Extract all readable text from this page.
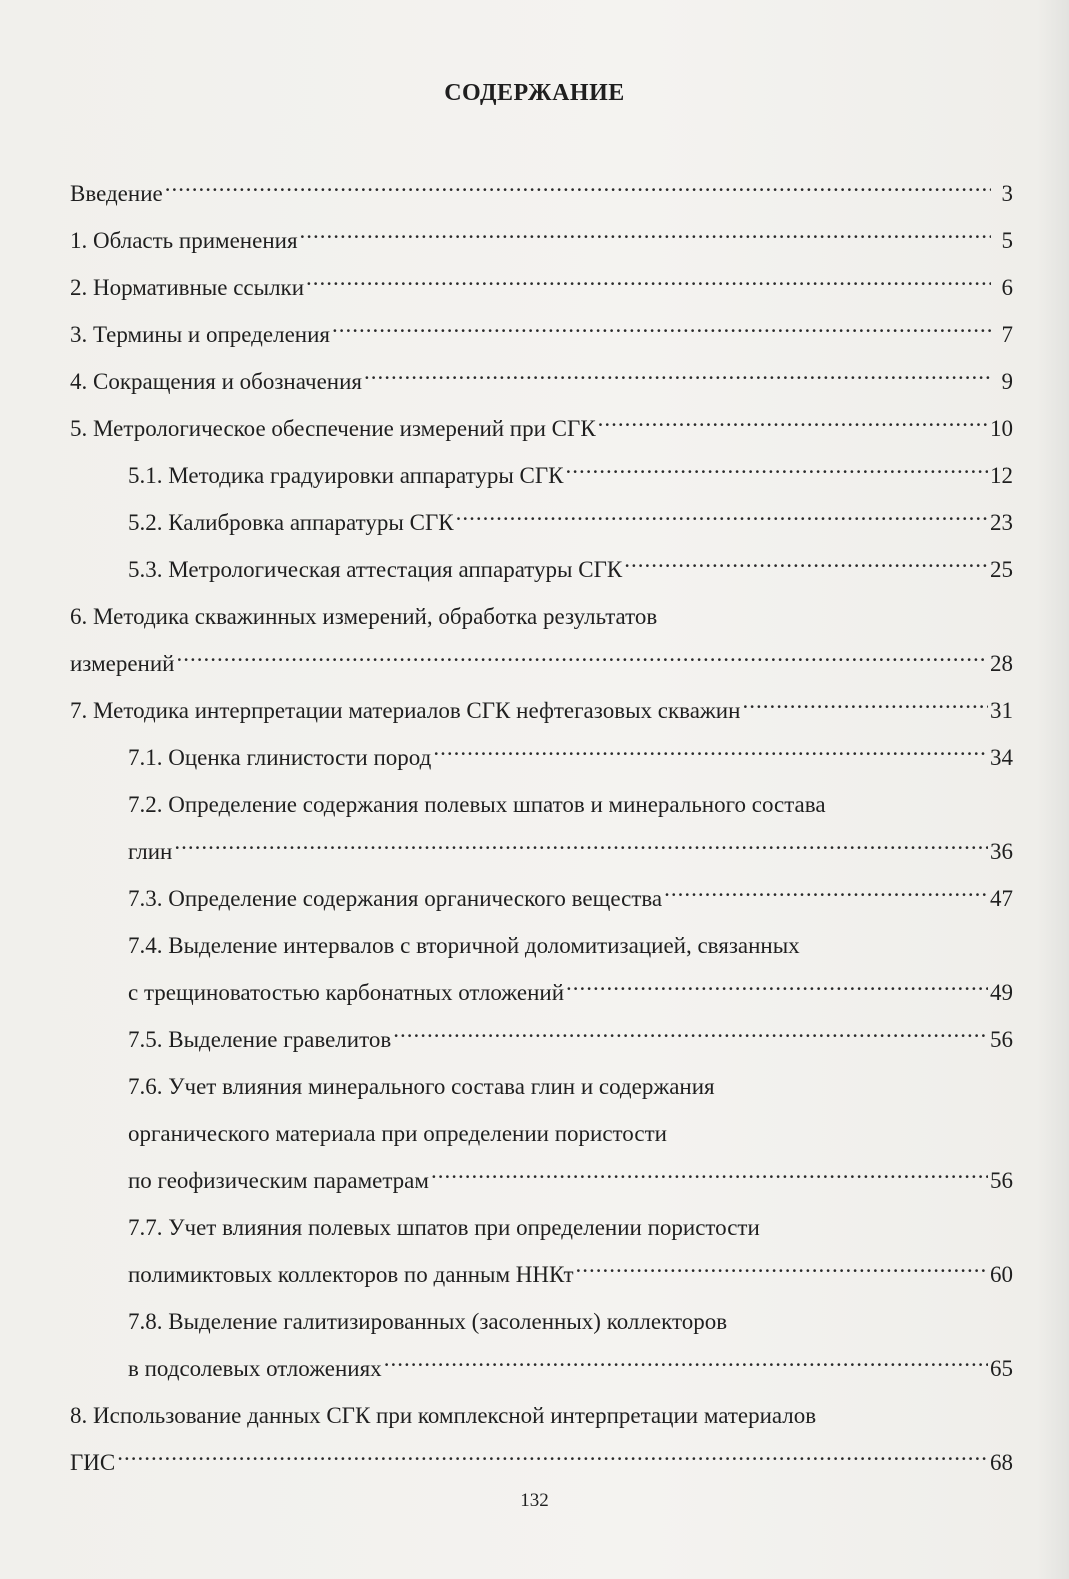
СОДЕРЖАНИЕ
Введение .....	3
1. Область применения .....	5
2. Нормативные ссылки .....	6
3. Термины и определения .....	7
4. Сокращения и обозначения .....	9
5. Метрологическое обеспечение измерений при СГК .....	10
5.1. Методика градуировки аппаратуры СГК .....	12
5.2. Калибровка аппаратуры СГК .....	23
5.3. Метрологическая аттестация аппаратуры СГК .....	25
6. Методика скважинных измерений, обработка результатов
измерений .....	28
7. Методика интерпретации материалов СГК нефтегазовых скважин .....	31
7.1. Оценка глинистости пород .....	34
7.2. Определение содержания полевых шпатов и минерального состава
глин .....	36
7.3. Определение содержания органического вещества .....	47
7.4. Выделение интервалов с вторичной доломитизацией, связанных
с трещиноватостью карбонатных отложений .....	49
7.5. Выделение гравелитов .....	56
7.6. Учет влияния минерального состава глин и содержания
органического материала при определении пористости
по геофизическим параметрам .....	56
7.7. Учет влияния полевых шпатов при определении пористости
полимиктовых коллекторов по данным ННКт .....	60
7.8. Выделение галитизированных (засоленных) коллекторов
в подсолевых отложениях .....	65
8. Использование данных СГК при комплексной интерпретации материалов
ГИС .....	68
132
